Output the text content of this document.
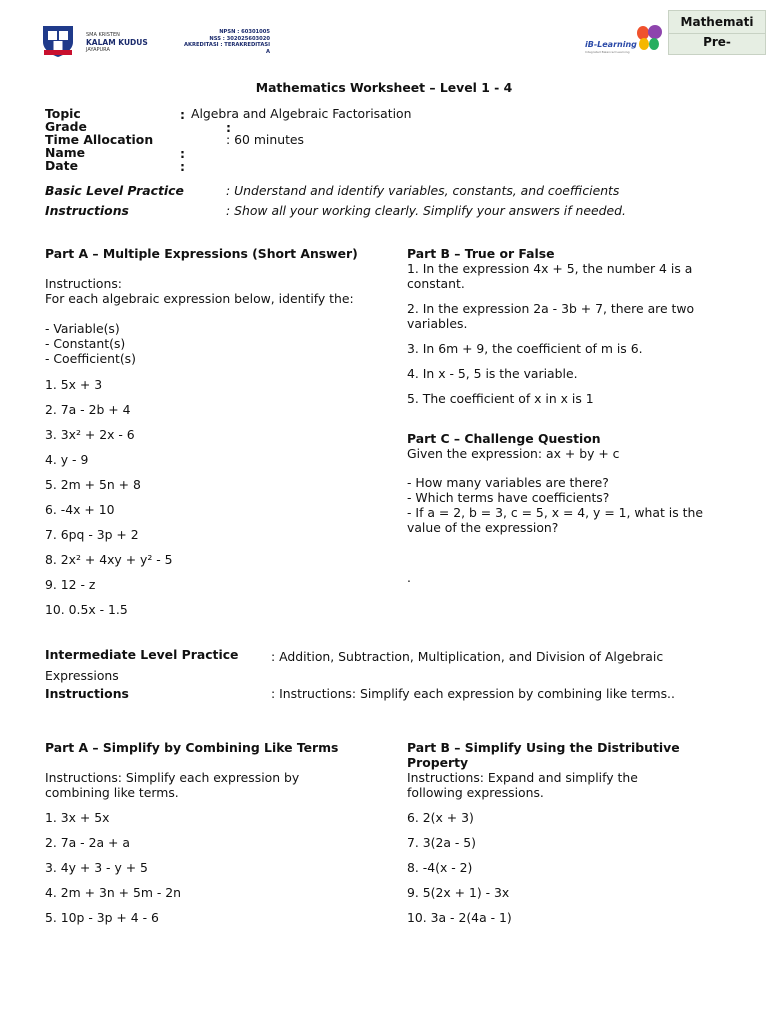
SMA KRISTEN
KALAM KUDUS
JAYAPURA
NPSN : 60301005
NSS : 302025603020
AKREDITASI : TERAKREDITASI A
iB-Learning
Integrated Balanced Learning
Mathemati
Pre-
Mathematics Worksheet – Level 1 - 4
Topic	: Algebra and Algebraic Factorisation
Grade	:
Time Allocation	: 60 minutes
Name	:
Date	:
Basic Level Practice	: Understand and identify variables, constants, and coefficients
Instructions	: Show all your working clearly. Simplify your answers if needed.
Part A – Multiple Expressions (Short Answer)
Instructions:
For each algebraic expression below, identify the:
- Variable(s)
- Constant(s)
- Coefficient(s)
1. 5x + 3
2. 7a - 2b + 4
3. 3x² + 2x - 6
4. y - 9
5. 2m + 5n + 8
6. -4x + 10
7. 6pq - 3p + 2
8. 2x² + 4xy + y² - 5
9. 12 - z
10. 0.5x - 1.5
Part B – True or False
1. In the expression 4x + 5, the number 4 is a constant.
2. In the expression 2a - 3b + 7, there are two variables.
3. In 6m + 9, the coefficient of m is 6.
4. In x - 5, 5 is the variable.
5. The coefficient of x in x is 1
Part C – Challenge Question
Given the expression: ax + by + c
- How many variables are there?
- Which terms have coefficients?
- If a = 2, b = 3, c = 5, x = 4, y = 1, what is the value of the expression?
.
Intermediate Level Practice	: Addition, Subtraction, Multiplication, and Division of Algebraic Expressions
Instructions	: Instructions: Simplify each expression by combining like terms..
Part A – Simplify by Combining Like Terms
Instructions: Simplify each expression by combining like terms.
1. 3x + 5x
2. 7a - 2a + a
3. 4y + 3 - y + 5
4. 2m + 3n + 5m - 2n
5. 10p - 3p + 4 - 6
Part B – Simplify Using the Distributive Property
Instructions: Expand and simplify the following expressions.
6. 2(x + 3)
7. 3(2a - 5)
8. -4(x - 2)
9. 5(2x + 1) - 3x
10. 3a - 2(4a - 1)
